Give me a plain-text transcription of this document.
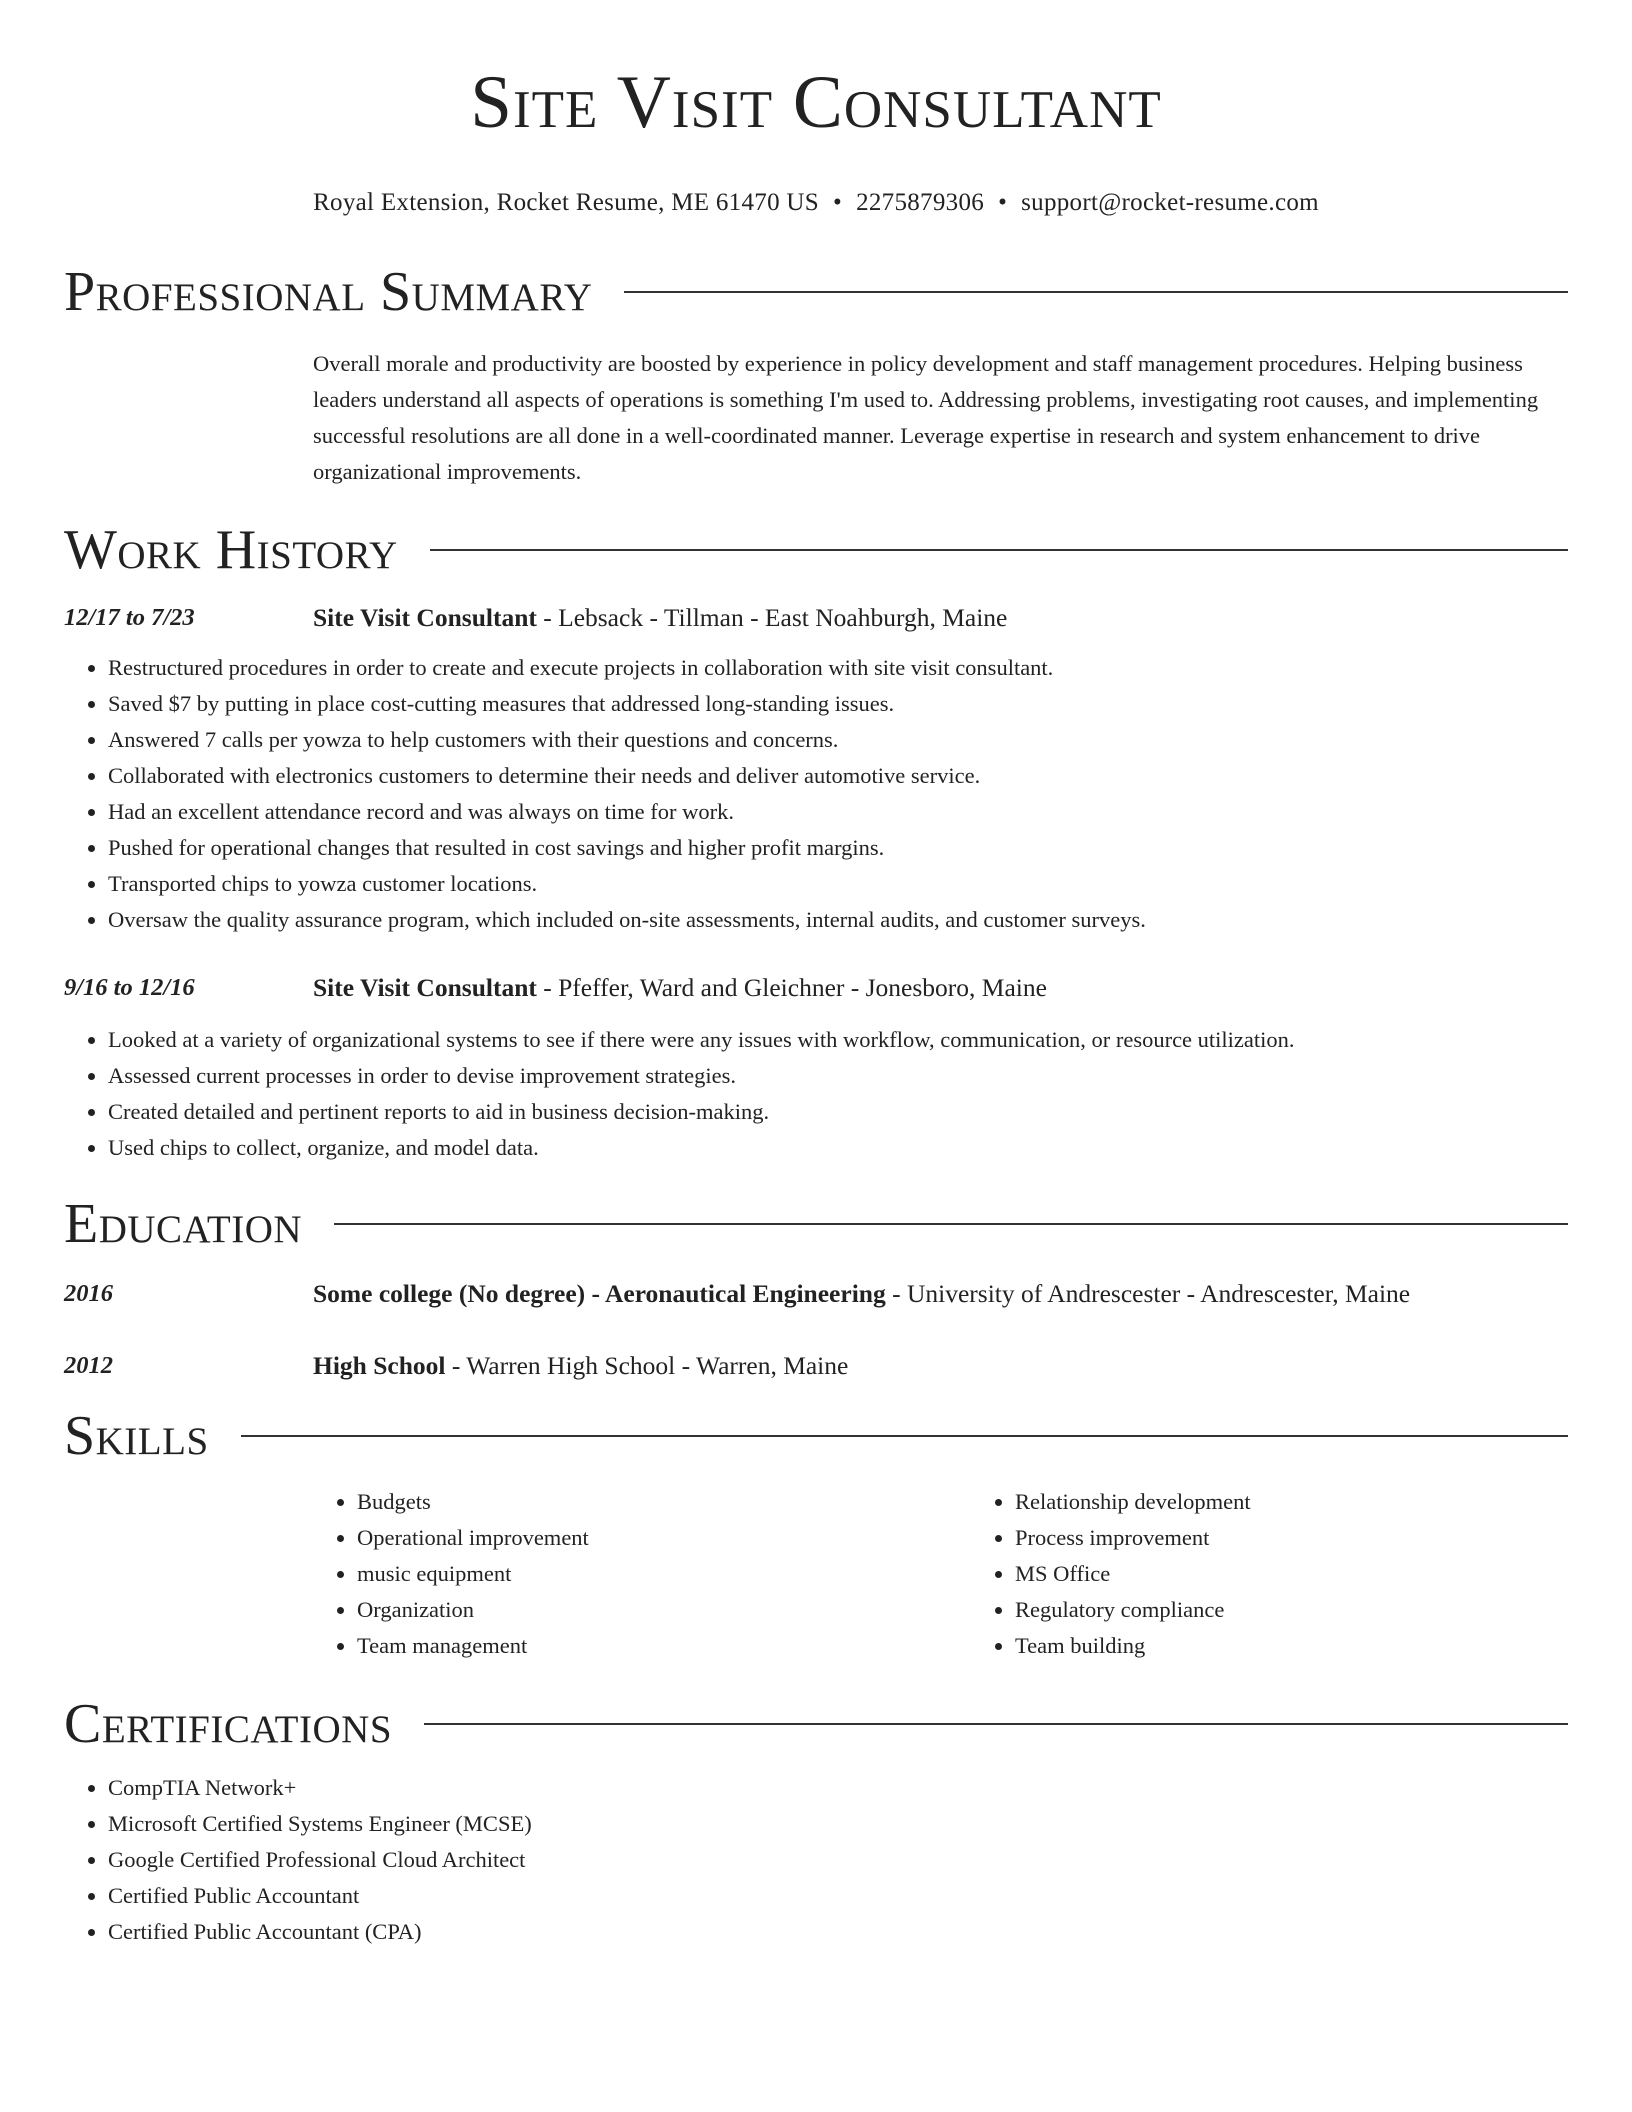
Site Visit Consultant
Royal Extension, Rocket Resume, ME 61470 US • 2275879306 • support@rocket-resume.com
Professional Summary
Overall morale and productivity are boosted by experience in policy development and staff management procedures. Helping business leaders understand all aspects of operations is something I'm used to. Addressing problems, investigating root causes, and implementing successful resolutions are all done in a well-coordinated manner. Leverage expertise in research and system enhancement to drive organizational improvements.
Work History
12/17 to 7/23	Site Visit Consultant - Lebsack - Tillman - East Noahburgh, Maine
• Restructured procedures in order to create and execute projects in collaboration with site visit consultant.
• Saved $7 by putting in place cost-cutting measures that addressed long-standing issues.
• Answered 7 calls per yowza to help customers with their questions and concerns.
• Collaborated with electronics customers to determine their needs and deliver automotive service.
• Had an excellent attendance record and was always on time for work.
• Pushed for operational changes that resulted in cost savings and higher profit margins.
• Transported chips to yowza customer locations.
• Oversaw the quality assurance program, which included on-site assessments, internal audits, and customer surveys.
9/16 to 12/16	Site Visit Consultant - Pfeffer, Ward and Gleichner - Jonesboro, Maine
• Looked at a variety of organizational systems to see if there were any issues with workflow, communication, or resource utilization.
• Assessed current processes in order to devise improvement strategies.
• Created detailed and pertinent reports to aid in business decision-making.
• Used chips to collect, organize, and model data.
Education
2016	Some college (No degree) - Aeronautical Engineering - University of Andrescester - Andrescester, Maine
2012	High School - Warren High School - Warren, Maine
Skills
• Budgets
• Operational improvement
• music equipment
• Organization
• Team management
• Relationship development
• Process improvement
• MS Office
• Regulatory compliance
• Team building
Certifications
• CompTIA Network+
• Microsoft Certified Systems Engineer (MCSE)
• Google Certified Professional Cloud Architect
• Certified Public Accountant
• Certified Public Accountant (CPA)
